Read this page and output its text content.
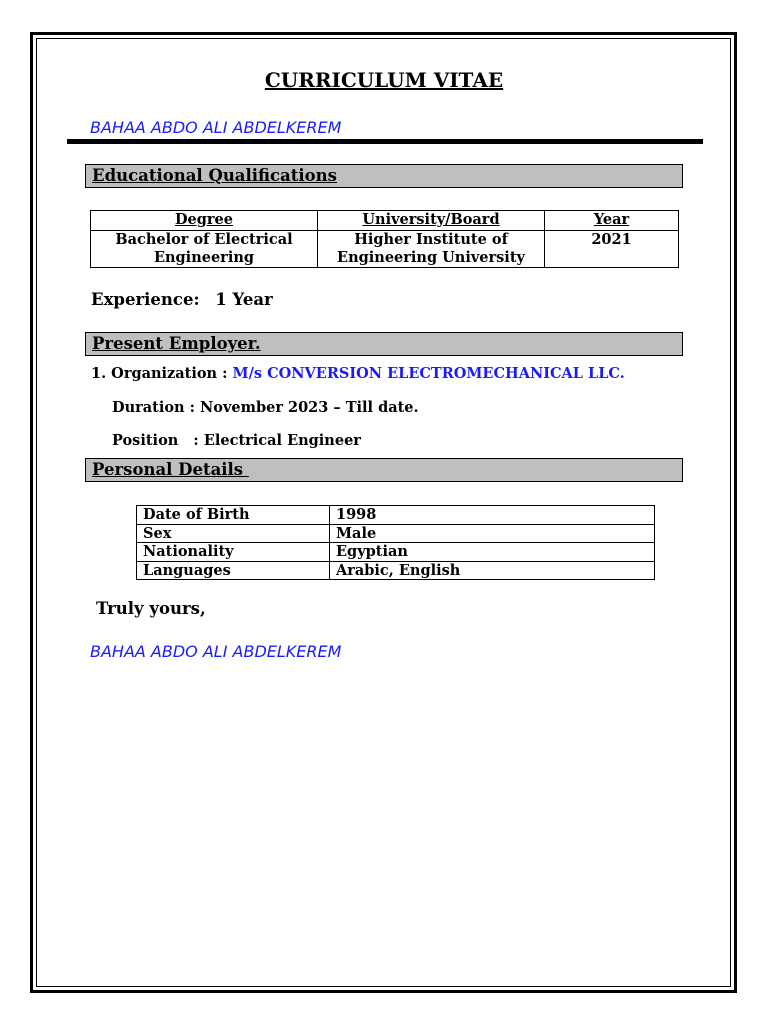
CURRICULUM VITAE
BAHAA ABDO ALI ABDELKEREM
Educational Qualifications
Degree	University/Board	Year
Bachelor of Electrical Engineering	Higher Institute of Engineering University	2021
Experience: 1 Year
Present Employer.
1. Organization : M/s CONVERSION ELECTROMECHANICAL LLC.
Duration : November 2023 – Till date.
Position   : Electrical Engineer
Personal Details
Date of Birth	1998
Sex	Male
Nationality	Egyptian
Languages	Arabic, English
Truly yours,
BAHAA ABDO ALI ABDELKEREM
